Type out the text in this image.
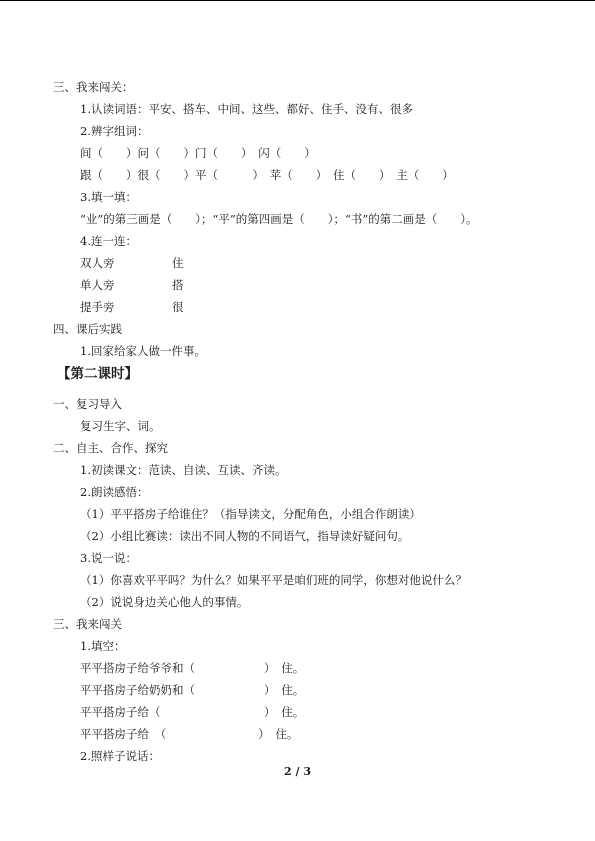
三、我来闯关：
1.认读词语：平安、搭车、中间、这些、都好、住手、没有、很多
2.辨字组词：
间（　　）问（　　）门（　　）　闪（　　）
跟（　　）很（　　）平（　　　）　苹（　　）　住（　　）　主（　　）
3.填一填：
“业”的第三画是（　　）；“平”的第四画是（　　）；“书”的第二画是（　　）。
4.连一连：
双人旁　　　　　住
单人旁　　　　　搭
提手旁　　　　　很
四、课后实践
1.回家给家人做一件事。
【第二课时】
一、复习导入
复习生字、词。
二、自主、合作、探究
1.初读课文：范读、自读、互读、齐读。
2.朗读感悟：
（1）平平搭房子给谁住？（指导读文，分配角色，小组合作朗读）
（2）小组比赛读：读出不同人物的不同语气，指导读好疑问句。
3.说一说：
（1）你喜欢平平吗？为什么？如果平平是咱们班的同学，你想对他说什么？
（2）说说身边关心他人的事情。
三、我来闯关
1.填空：
平平搭房子给爷爷和（　　　　　　）　住。
平平搭房子给奶奶和（　　　　　　）　住。
平平搭房子给（　　　　　　　　　）　住。
平平搭房子给　（　　　　　　　　）　住。
2.照样子说话：
2 / 3
